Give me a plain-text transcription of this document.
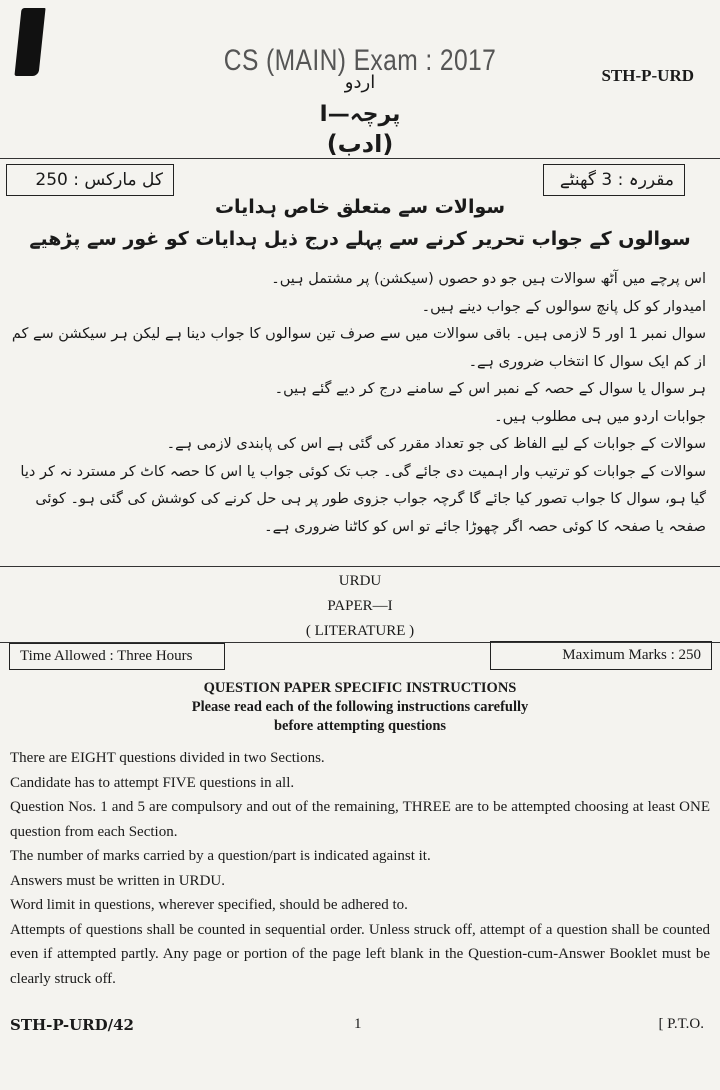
CS (MAIN) Exam : 2017	STH-P-URD
اردو
پرچہ—I
(ادب)
کل مارکس : 250	مقررہ : 3 گھنٹے
سوالات سے متعلق خاص ہدایات
سوالوں کے جواب تحریر کرنے سے پہلے درج ذیل ہدایات کو غور سے پڑھیے

اس پرچے میں آٹھ سوالات ہیں جو دو حصوں (سیکشن) پر مشتمل ہیں۔

امیدوار کو کل پانچ سوالوں کے جواب دینے ہیں۔

سوال نمبر 1 اور 5 لازمی ہیں۔ باقی سوالات میں سے صرف تین سوالوں کا جواب دینا ہے لیکن ہر سیکشن سے کم از کم ایک سوال کا انتخاب ضروری ہے۔

ہر سوال یا سوال کے حصہ کے نمبر اس کے سامنے درج کر دیے گئے ہیں۔

جوابات اردو میں ہی مطلوب ہیں۔

سوالات کے جوابات کے لیے الفاظ کی جو تعداد مقرر کی گئی ہے اس کی پابندی لازمی ہے۔

سوالات کے جوابات کو ترتیب وار اہمیت دی جائے گی۔ جب تک کوئی جواب یا اس کا حصہ کاٹ کر مسترد نہ کر دیا گیا ہو، سوال کا جواب تصور کیا جائے گا گرچہ جواب جزوی طور پر ہی حل کرنے کی کوشش کی گئی ہو۔ کوئی صفحہ یا صفحہ کا کوئی حصہ اگر چھوڑا جائے تو اس کو کاٹنا ضروری ہے۔

URDU
PAPER—I
( LITERATURE )
Time Allowed : Three Hours	Maximum Marks : 250
QUESTION PAPER SPECIFIC INSTRUCTIONS
Please read each of the following instructions carefully
before attempting questions

There are EIGHT questions divided in two Sections.

Candidate has to attempt FIVE questions in all.

Question Nos. 1 and 5 are compulsory and out of the remaining, THREE are to be attempted choosing at least ONE question from each Section.

The number of marks carried by a question/part is indicated against it.

Answers must be written in URDU.

Word limit in questions, wherever specified, should be adhered to.

Attempts of questions shall be counted in sequential order. Unless struck off, attempt of a question shall be counted even if attempted partly. Any page or portion of the page left blank in the Question-cum-Answer Booklet must be clearly struck off.

STH-P-URD/42	1	[ P.T.O.
